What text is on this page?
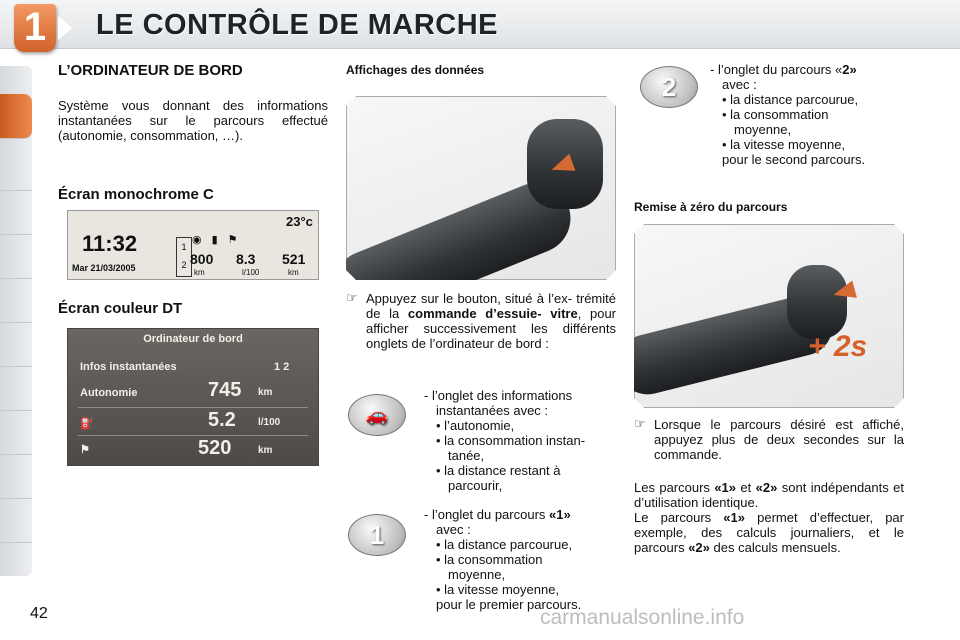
1	LE CONTRÔLE DE MARCHE
L’ORDINATEUR DE BORD
Système vous donnant des informations instantanées sur le parcours effectué (autonomie, consommation, …).
Écran monochrome C
23°c
11:32
Mar 21/03/2005
1
2
◉▮⚑
800 8.3 521
km	l/100	km
Écran couleur DT
Ordinateur de bord
Infos instantanées	1 2
Autonomie	745 km
⛽	5.2 l/100
⚑	520	km
Affichages des données
☞ Appuyez sur le bouton, situé à l’ex- trémité de la commande d’essuie- vitre, pour afficher successivement les différents onglets de l’ordinateur de bord :
🚗
- l’onglet des informations
instantanées avec :
• l’autonomie,
• la consommation instan-
tanée,
• la distance restant à
parcourir,
1
- l’onglet du parcours «1»
avec :
• la distance parcourue,
• la consommation
moyenne,
• la vitesse moyenne,
pour le premier parcours.
2
- l’onglet du parcours «2»
avec :
• la distance parcourue,
• la consommation
moyenne,
• la vitesse moyenne,
pour le second parcours.
Remise à zéro du parcours
+ 2s
☞ Lorsque le parcours désiré est affiché, appuyez plus de deux secondes sur la commande.
Les parcours «1» et «2» sont indépendants et d’utilisation identique.
Le parcours «1» permet d’effectuer, par exemple, des calculs journaliers, et le parcours «2» des calculs mensuels.
42	carmanualsonline.info
